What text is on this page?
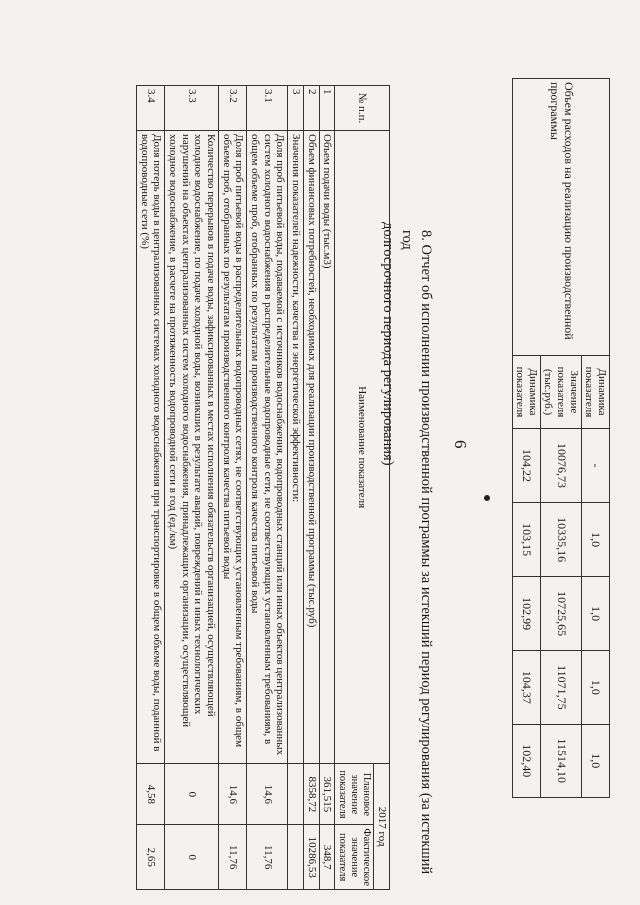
6
Объем расходов на реализацию производственной программы	Динамика показателя	-	1,0	1,0	1,0	1,0
	Значение показателя (тыс.руб.)	10076,73	10335,16	10725,65	11071,75	11514,10
	Динамика показателя	104,22	103,15	102,99	104,37	102,40
8. Отчет об исполнении производственной программы за истекший период регулирования (за истекший год
долгосрочного периода регулирования)
№ п.п.	Наименование показателя	2017 год	
		Плановое значение показателя	Фактическое значение показателя
1	Объем подачи воды (тыс.м3)	361,515	348,7
2	Объем финансовых потребностей, необходимых для реализации производственной программы (тыс.руб)	8358,72	10286,53
3	Значения показателей надежности, качества и энергетической эффективности:		
3.1	Доля проб питьевой воды, подаваемой с источников водоснабжения, водопроводных станций или иных объектов централизованных систем холодного водоснабжения в распределительные водопроводные сети, не соответствующих установленным требованиям, в общем объеме проб, отобранных по результатам производственного контроля качества питьевой воды	14,6	11,76
3.2	Доля проб питьевой воды в распределительных водопроводных сетях, не соответствующих установленным требованиям, в общем объеме проб, отобранных по результатам производственного контроля качества питьевой воды	14,6	11,76
3.3	Количество перерывов в подаче воды, зафиксированных в местах исполнения обязательств организацией, осуществляющей холодное водоснабжение, по подаче холодной воды, возникших в результате аварий, повреждений и иных технологических нарушений на объектах централизованных систем холодного водоснабжения, принадлежащих организации, осуществляющей холодное водоснабжение, в расчете на протяженность водопроводной сети в год (ед./км)	0	0
3.4	Доля потерь воды в централизованных системах холодного водоснабжения при транспортировке в общем объеме воды, поданной в водопроводные сети (%)	4,58	2,65
